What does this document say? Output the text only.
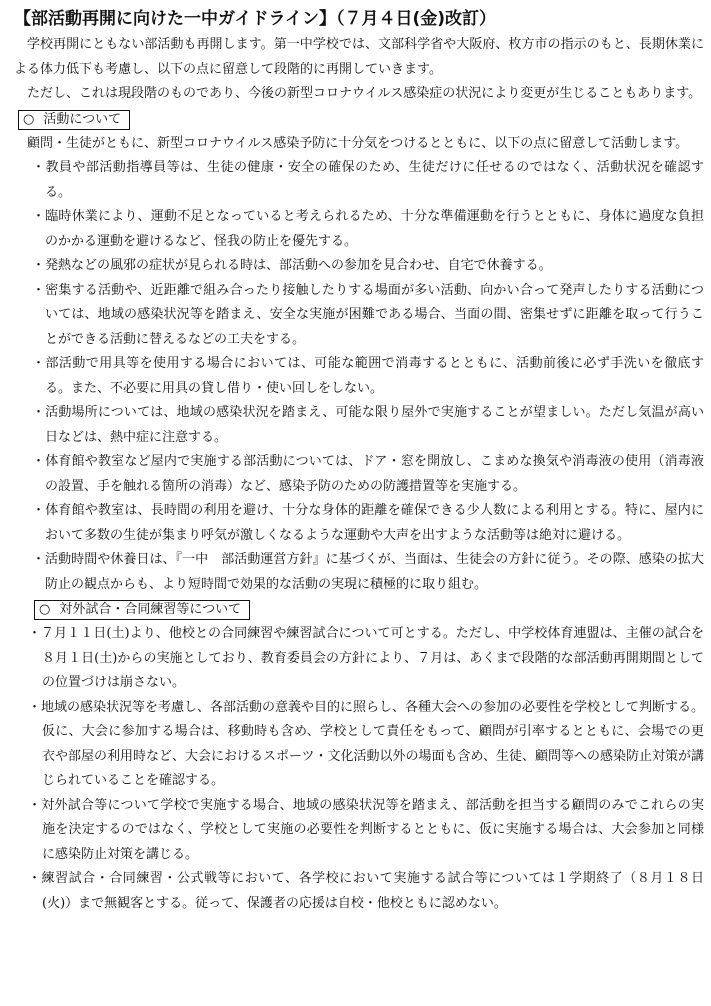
【部活動再開に向けた一中ガイドライン】（７月４日(金)改訂）

学校再開にともない部活動も再開します。第一中学校では、文部科学省や大阪府、枚方市の指示のもと、長期休業による体力低下も考慮し、以下の点に留意して段階的に再開していきます。

ただし、これは現段階のものであり、今後の新型コロナウイルス感染症の状況により変更が生じることもあります。

○ 活動について

顧問・生徒がともに、新型コロナウイルス感染予防に十分気をつけるとともに、以下の点に留意して活動します。

・教員や部活動指導員等は、生徒の健康・安全の確保のため、生徒だけに任せるのではなく、活動状況を確認する。
・臨時休業により、運動不足となっていると考えられるため、十分な準備運動を行うとともに、身体に過度な負担のかかる運動を避けるなど、怪我の防止を優先する。
・発熱などの風邪の症状が見られる時は、部活動への参加を見合わせ、自宅で休養する。
・密集する活動や、近距離で組み合ったり接触したりする場面が多い活動、向かい合って発声したりする活動については、地域の感染状況等を踏まえ、安全な実施が困難である場合、当面の間、密集せずに距離を取って行うことができる活動に替えるなどの工夫をする。
・部活動で用具等を使用する場合においては、可能な範囲で消毒するとともに、活動前後に必ず手洗いを徹底する。また、不必要に用具の貸し借り・使い回しをしない。
・活動場所については、地域の感染状況を踏まえ、可能な限り屋外で実施することが望ましい。ただし気温が高い日などは、熱中症に注意する。
・体育館や教室など屋内で実施する部活動については、ドア・窓を開放し、こまめな換気や消毒液の使用（消毒液の設置、手を触れる箇所の消毒）など、感染予防のための防護措置等を実施する。
・体育館や教室は、長時間の利用を避け、十分な身体的距離を確保できる少人数による利用とする。特に、屋内において多数の生徒が集まり呼気が激しくなるような運動や大声を出すような活動等は絶対に避ける。
・活動時間や休養日は、『一中　部活動運営方針』に基づくが、当面は、生徒会の方針に従う。その際、感染の拡大防止の観点からも、より短時間で効果的な活動の実現に積極的に取り組む。
○ 対外試合・合同練習等について
・７月１１日(土)より、他校との合同練習や練習試合について可とする。ただし、中学校体育連盟は、主催の試合を８月１日(土)からの実施としており、教育委員会の方針により、７月は、あくまで段階的な部活動再開期間としての位置づけは崩さない。
・地域の感染状況等を考慮し、各部活動の意義や目的に照らし、各種大会への参加の必要性を学校として判断する。仮に、大会に参加する場合は、移動時も含め、学校として責任をもって、顧問が引率するとともに、会場での更衣や部屋の利用時など、大会におけるスポーツ・文化活動以外の場面も含め、生徒、顧問等への感染防止対策が講じられていることを確認する。
・対外試合等について学校で実施する場合、地域の感染状況等を踏まえ、部活動を担当する顧問のみでこれらの実施を決定するのではなく、学校として実施の必要性を判断するとともに、仮に実施する場合は、大会参加と同様に感染防止対策を講じる。
・練習試合・合同練習・公式戦等において、各学校において実施する試合等については１学期終了（８月１８日(火)）まで無観客とする。従って、保護者の応援は自校・他校ともに認めない。
